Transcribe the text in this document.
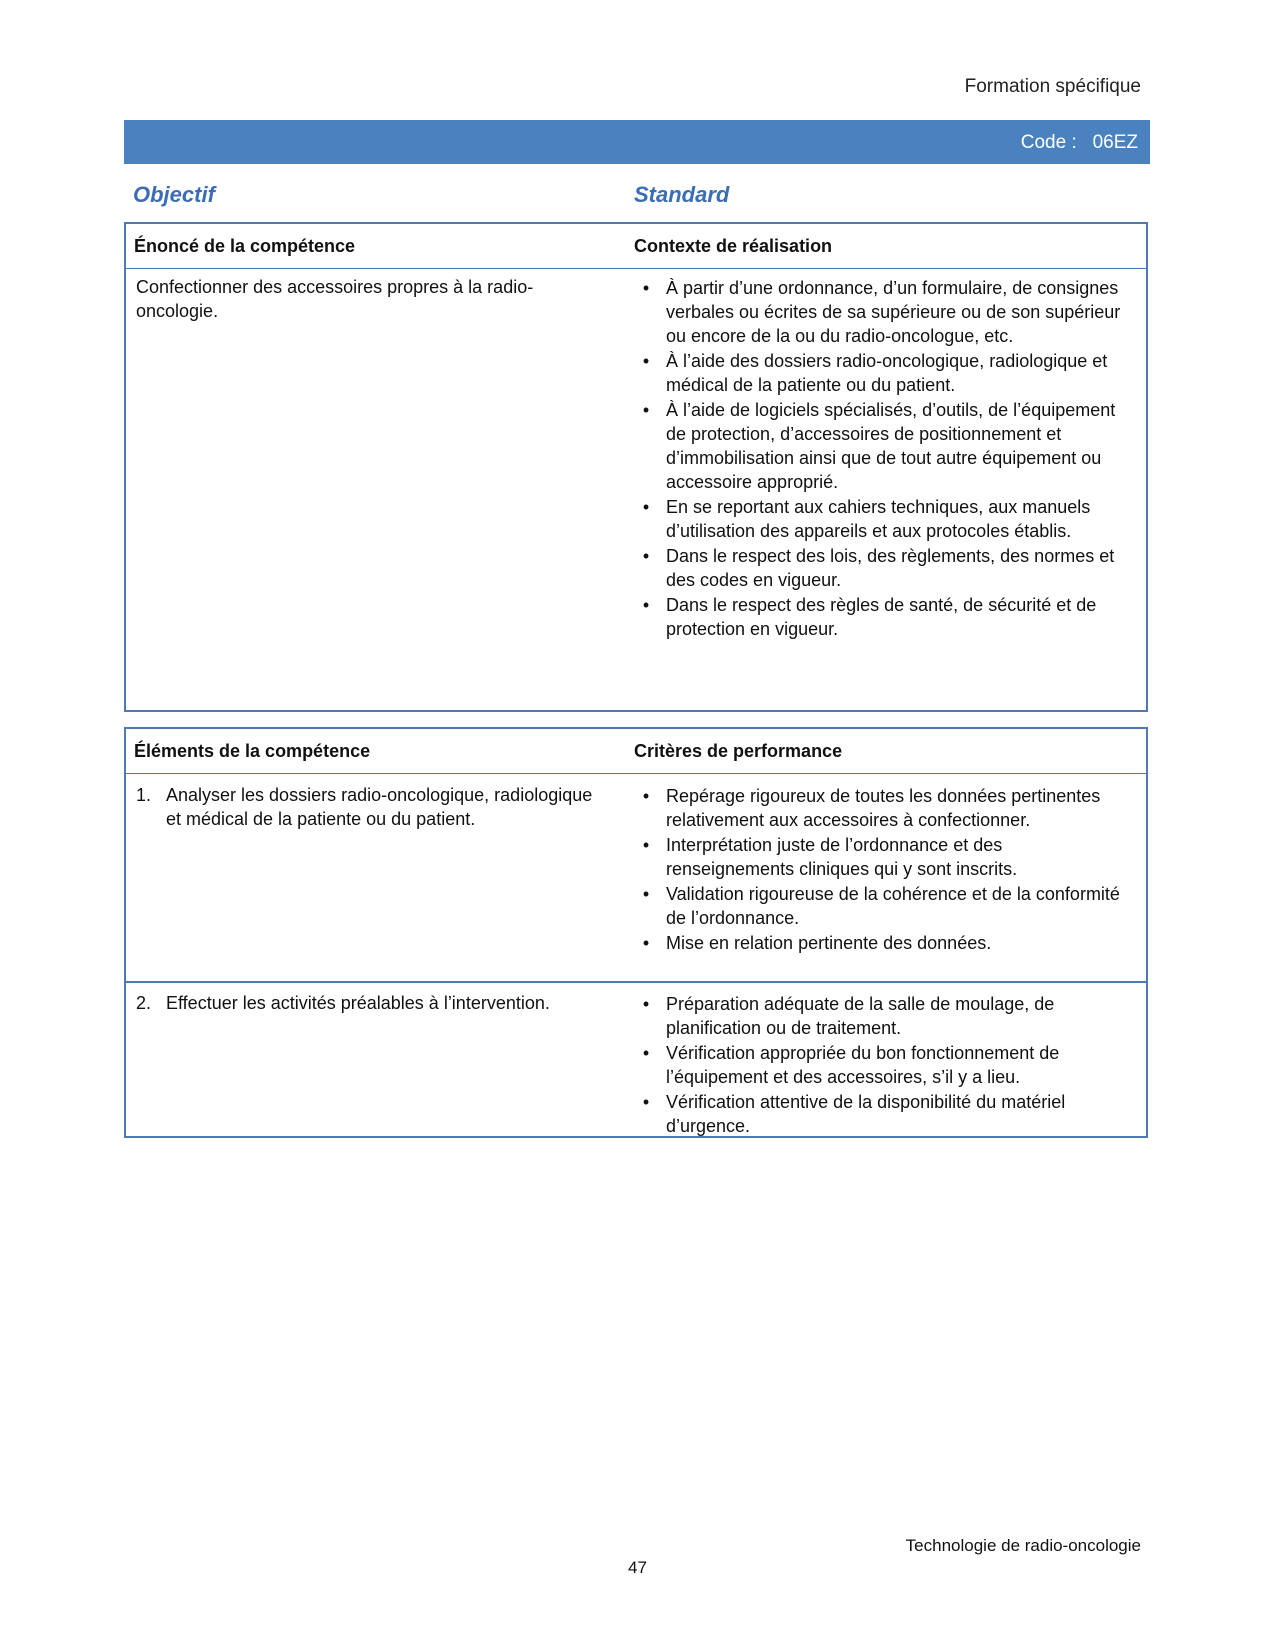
Formation spécifique
Code : 06EZ
Objectif	Standard
Énoncé de la compétence	Contexte de réalisation
Confectionner des accessoires propres à la radio-oncologie.
• À partir d’une ordonnance, d’un formulaire, de consignes verbales ou écrites de sa supérieure ou de son supérieur ou encore de la ou du radio-oncologue, etc.
• À l’aide des dossiers radio-oncologique, radiologique et médical de la patiente ou du patient.
• À l’aide de logiciels spécialisés, d’outils, de l’équipement de protection, d’accessoires de positionnement et d’immobilisation ainsi que de tout autre équipement ou accessoire approprié.
• En se reportant aux cahiers techniques, aux manuels d’utilisation des appareils et aux protocoles établis.
• Dans le respect des lois, des règlements, des normes et des codes en vigueur.
• Dans le respect des règles de santé, de sécurité et de protection en vigueur.
Éléments de la compétence	Critères de performance
1. Analyser les dossiers radio-oncologique, radiologique et médical de la patiente ou du patient.
• Repérage rigoureux de toutes les données pertinentes relativement aux accessoires à confectionner.
• Interprétation juste de l’ordonnance et des renseignements cliniques qui y sont inscrits.
• Validation rigoureuse de la cohérence et de la conformité de l’ordonnance.
• Mise en relation pertinente des données.
2. Effectuer les activités préalables à l’intervention.	• Préparation adéquate de la salle de moulage, de planification ou de traitement.
• Vérification appropriée du bon fonctionnement de l’équipement et des accessoires, s’il y a lieu.
• Vérification attentive de la disponibilité du matériel d’urgence.
Technologie de radio-oncologie
47
